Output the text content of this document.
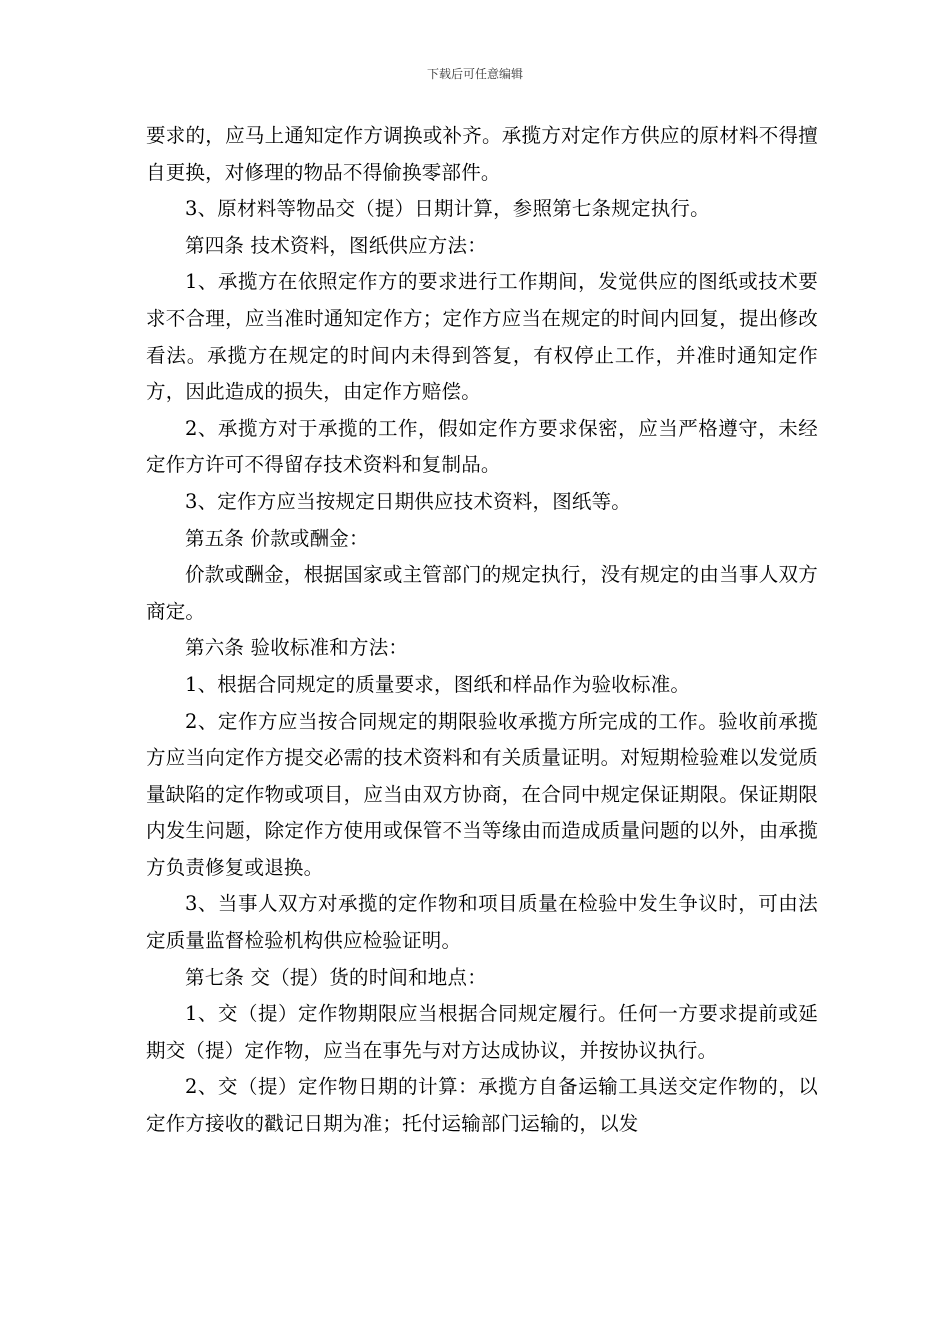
下载后可任意编辑

要求的，应马上通知定作方调换或补齐。承揽方对定作方供应的原材料不得擅自更换，对修理的物品不得偷换零部件。

3、原材料等物品交（提）日期计算，参照第七条规定执行。

第四条 技术资料，图纸供应方法：

1、承揽方在依照定作方的要求进行工作期间，发觉供应的图纸或技术要求不合理，应当准时通知定作方；定作方应当在规定的时间内回复，提出修改看法。承揽方在规定的时间内未得到答复，有权停止工作，并准时通知定作方，因此造成的损失，由定作方赔偿。

2、承揽方对于承揽的工作，假如定作方要求保密，应当严格遵守，未经定作方许可不得留存技术资料和复制品。

3、定作方应当按规定日期供应技术资料，图纸等。

第五条 价款或酬金：

价款或酬金，根据国家或主管部门的规定执行，没有规定的由当事人双方商定。

第六条 验收标准和方法：

1、根据合同规定的质量要求，图纸和样品作为验收标准。

2、定作方应当按合同规定的期限验收承揽方所完成的工作。验收前承揽方应当向定作方提交必需的技术资料和有关质量证明。对短期检验难以发觉质量缺陷的定作物或项目，应当由双方协商，在合同中规定保证期限。保证期限内发生问题，除定作方使用或保管不当等缘由而造成质量问题的以外，由承揽方负责修复或退换。

3、当事人双方对承揽的定作物和项目质量在检验中发生争议时，可由法定质量监督检验机构供应检验证明。

第七条 交（提）货的时间和地点：

1、交（提）定作物期限应当根据合同规定履行。任何一方要求提前或延期交（提）定作物，应当在事先与对方达成协议，并按协议执行。

2、交（提）定作物日期的计算：承揽方自备运输工具送交定作物的，以定作方接收的戳记日期为准；托付运输部门运输的，以发
